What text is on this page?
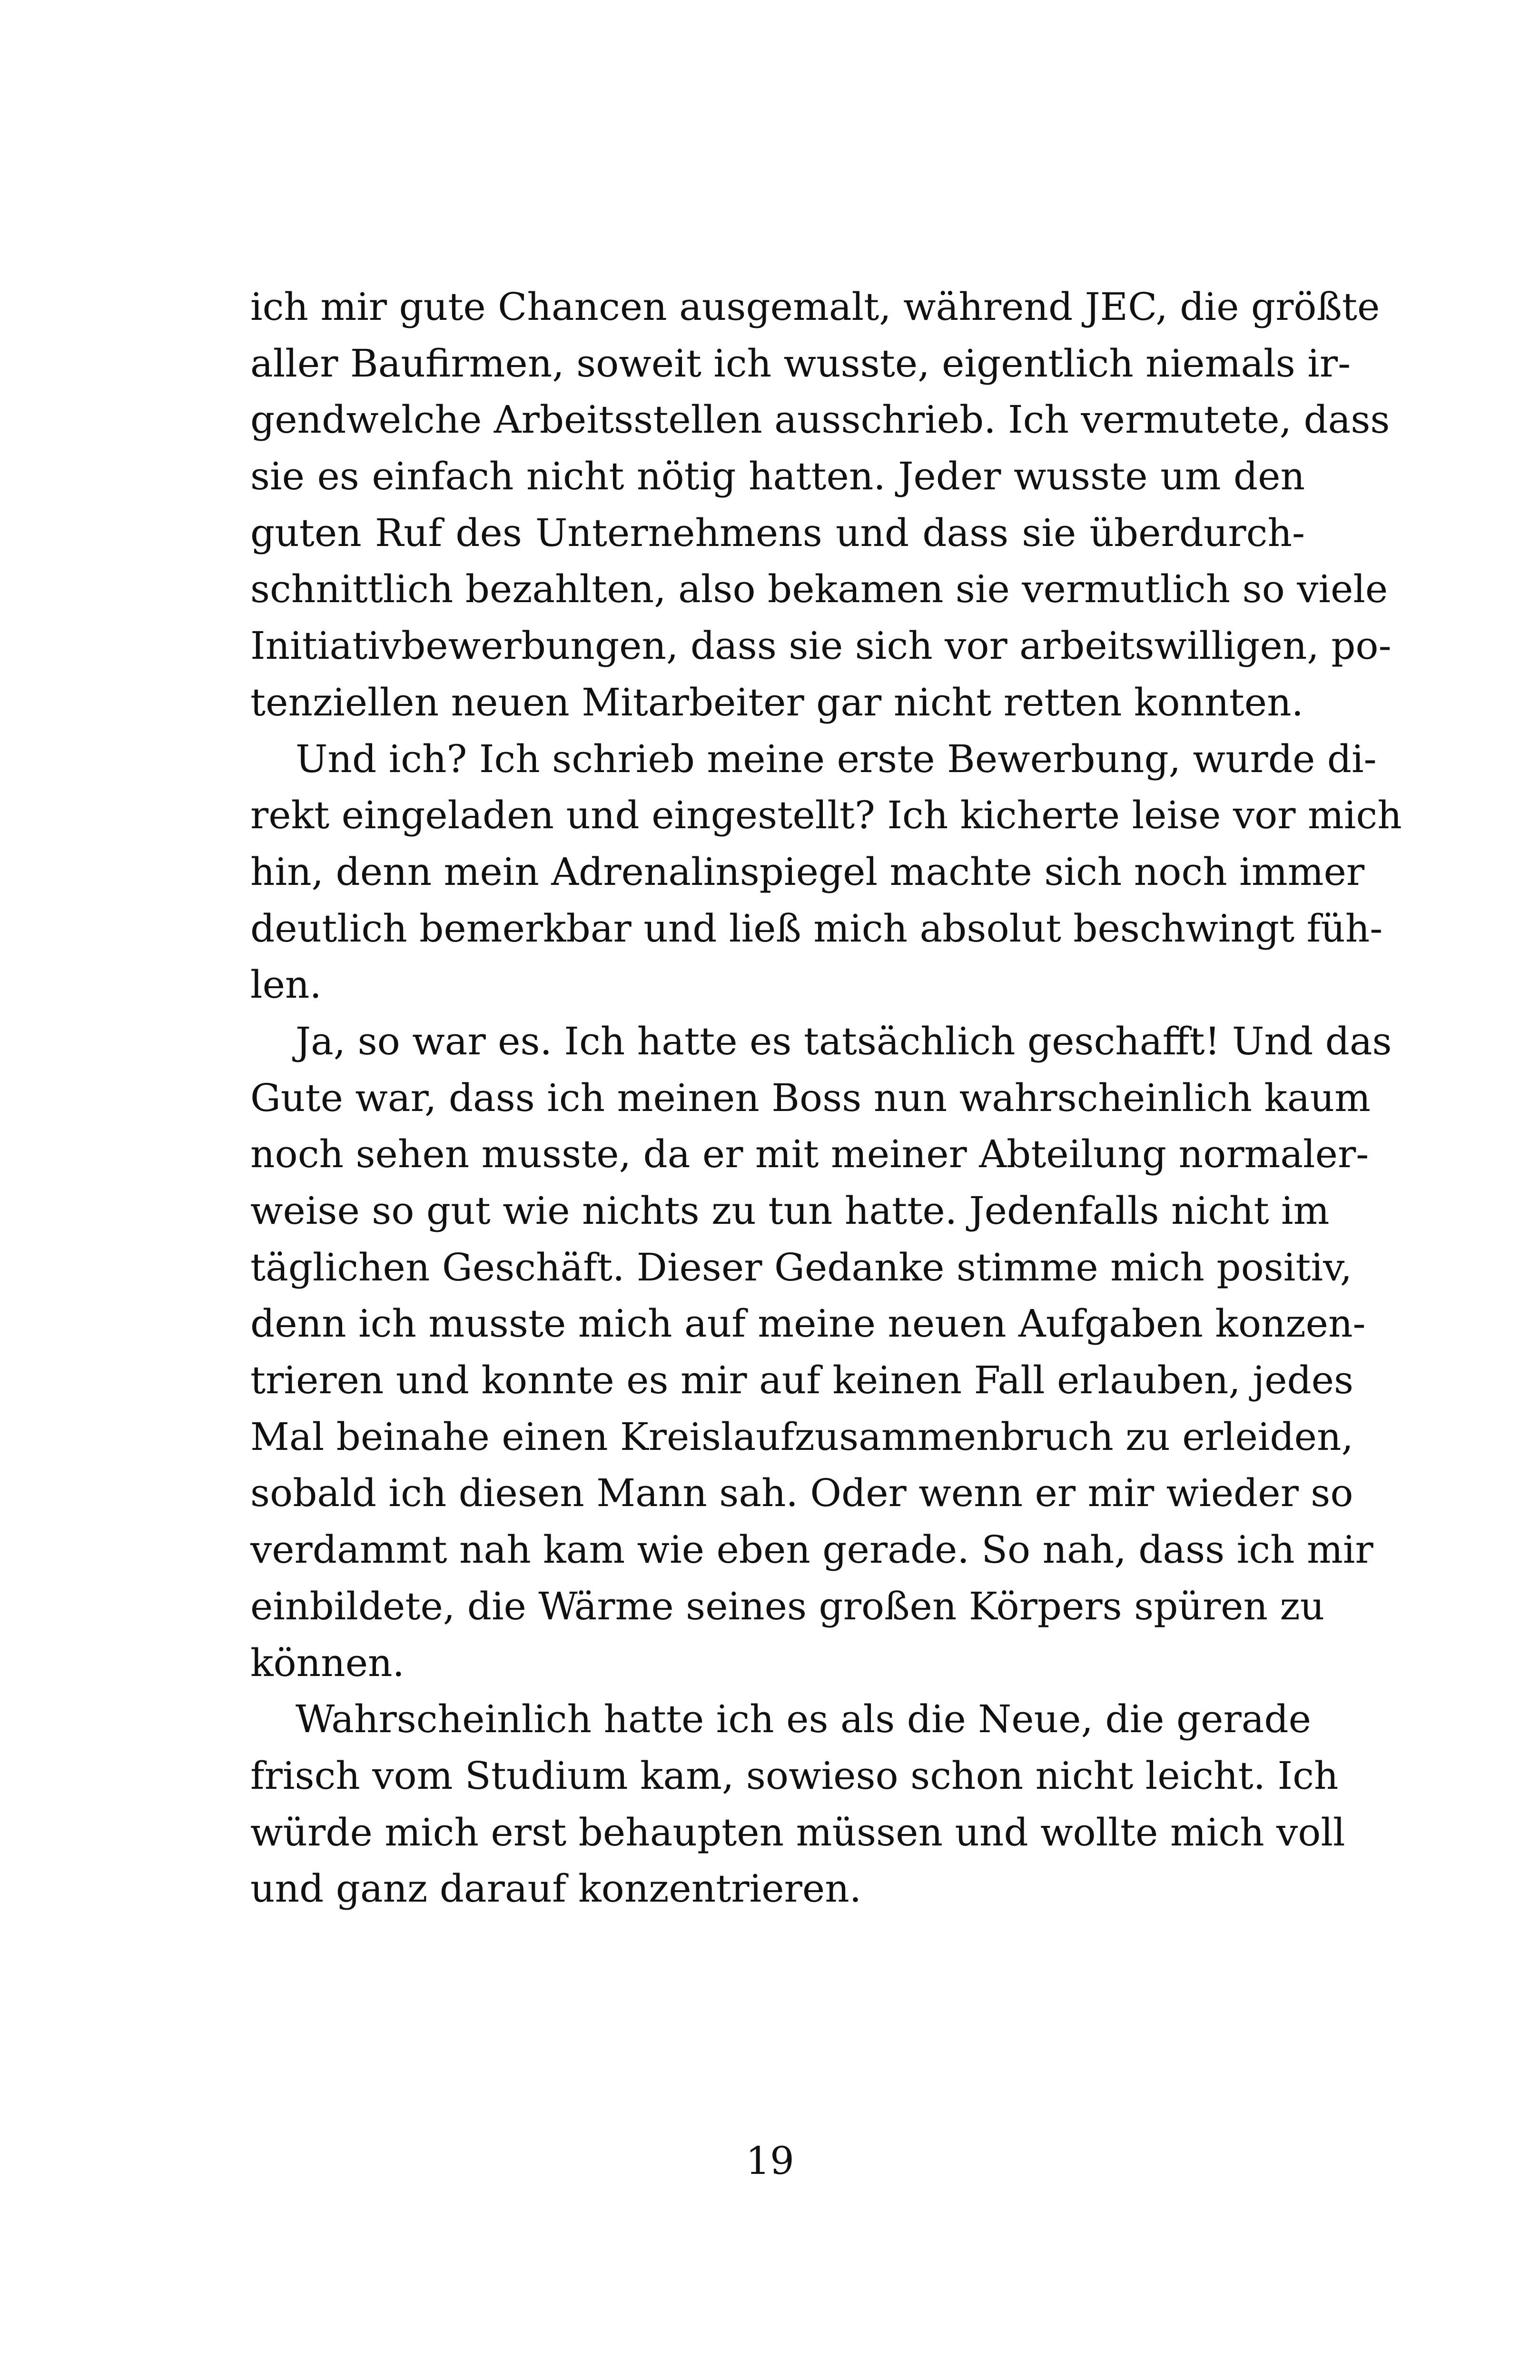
ich mir gute Chancen ausgemalt, während JEC, die größte
aller Baufirmen, soweit ich wusste, eigentlich niemals ir-
gendwelche Arbeitsstellen ausschrieb. Ich vermutete, dass
sie es einfach nicht nötig hatten. Jeder wusste um den
guten Ruf des Unternehmens und dass sie überdurch-
schnittlich bezahlten, also bekamen sie vermutlich so viele
Initiativbewerbungen, dass sie sich vor arbeitswilligen, po-
tenziellen neuen Mitarbeiter gar nicht retten konnten.
Und ich? Ich schrieb meine erste Bewerbung, wurde di-
rekt eingeladen und eingestellt? Ich kicherte leise vor mich
hin, denn mein Adrenalinspiegel machte sich noch immer
deutlich bemerkbar und ließ mich absolut beschwingt füh-
len.
Ja, so war es. Ich hatte es tatsächlich geschafft! Und das
Gute war, dass ich meinen Boss nun wahrscheinlich kaum
noch sehen musste, da er mit meiner Abteilung normaler-
weise so gut wie nichts zu tun hatte. Jedenfalls nicht im
täglichen Geschäft. Dieser Gedanke stimme mich positiv,
denn ich musste mich auf meine neuen Aufgaben konzen-
trieren und konnte es mir auf keinen Fall erlauben, jedes
Mal beinahe einen Kreislaufzusammenbruch zu erleiden,
sobald ich diesen Mann sah. Oder wenn er mir wieder so
verdammt nah kam wie eben gerade. So nah, dass ich mir
einbildete, die Wärme seines großen Körpers spüren zu
können.
Wahrscheinlich hatte ich es als die Neue, die gerade
frisch vom Studium kam, sowieso schon nicht leicht. Ich
würde mich erst behaupten müssen und wollte mich voll
und ganz darauf konzentrieren.
19
